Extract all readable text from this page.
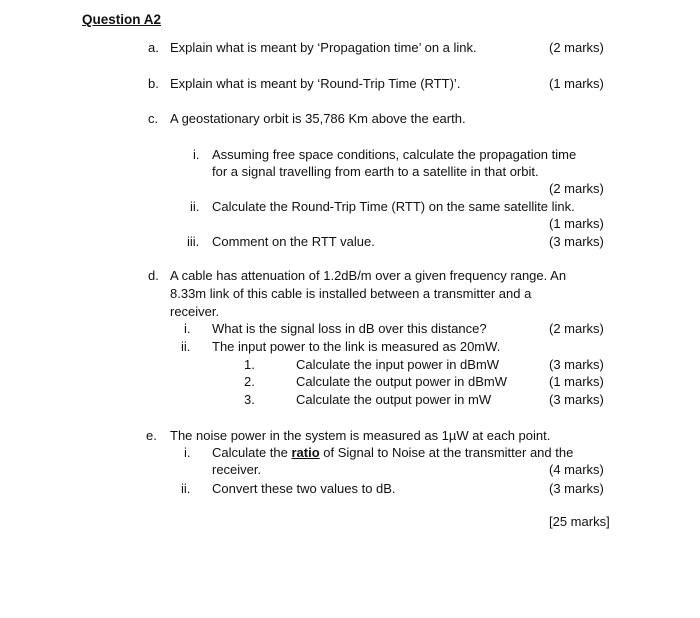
Question A2
a. Explain what is meant by ‘Propagation time’ on a link.	(2 marks)
b. Explain what is meant by ‘Round-Trip Time (RTT)’.	(1 marks)
c. A geostationary orbit is 35,786 Km above the earth.
i. Assuming free space conditions, calculate the propagation time
for a signal travelling from earth to a satellite in that orbit.
(2 marks)
ii. Calculate the Round-Trip Time (RTT) on the same satellite link.
(1 marks)
iii. Comment on the RTT value.	(3 marks)
d. A cable has attenuation of 1.2dB/m over a given frequency range. An
8.33m link of this cable is installed between a transmitter and a
receiver.
i. What is the signal loss in dB over this distance?	(2 marks)
ii. The input power to the link is measured as 20mW.
1.	Calculate the input power in dBmW	(3 marks)
2.	Calculate the output power in dBmW	(1 marks)
3.	Calculate the output power in mW	(3 marks)
e. The noise power in the system is measured as 1µW at each point.
i. Calculate the ratio of Signal to Noise at the transmitter and the
receiver.	(4 marks)
ii. Convert these two values to dB.	(3 marks)
[25 marks]
